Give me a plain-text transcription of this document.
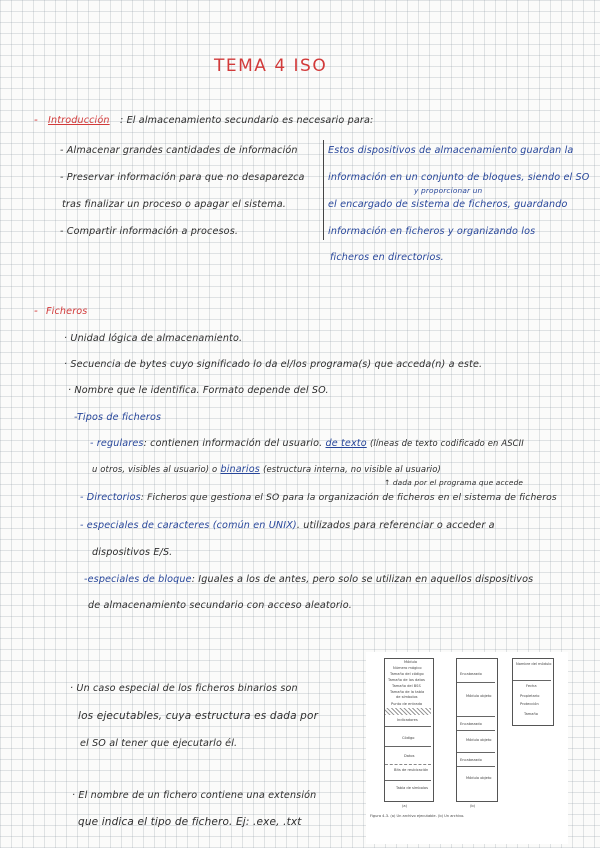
TEMA 4 ISO
- Introducción : El almacenamiento secundario es necesario para:
- Almacenar grandes cantidades de información
- Preservar información para que no desaparezca
tras finalizar un proceso o apagar el sistema.
- Compartir información a procesos.
Estos dispositivos de almacenamiento guardan la
información en un conjunto de bloques, siendo el SO
y proporcionar un
el encargado de sistema de ficheros, guardando
información en ficheros y organizando los
ficheros en directorios.
- Ficheros
· Unidad lógica de almacenamiento.
· Secuencia de bytes cuyo significado lo da el/los programa(s) que acceda(n) a este.
· Nombre que le identifica. Formato depende del SO.
-Tipos de ficheros
- regulares: contienen información del usuario. de texto (líneas de texto codificado en ASCII
u otros, visibles al usuario) o binarios (estructura interna, no visible al usuario)
↑ dada por el programa que accede
- Directorios: Ficheros que gestiona el SO para la organización de ficheros en el sistema de ficheros
- especiales de caracteres (común en UNIX). utilizados para referenciar o acceder a
dispositivos E/S.
-especiales de bloque: Iguales a los de antes, pero solo se utilizan en aquellos dispositivos
de almacenamiento secundario con acceso aleatorio.
· Un caso especial de los ficheros binarios son
los ejecutables, cuya estructura es dada por
el SO al tener que ejecutarlo él.
· El nombre de un fichero contiene una extensión
que indica el tipo de fichero. Ej: .exe, .txt
Módulo
Número mágico
Tamaño del código
Tamaño de los datos
Tamaño del BSS
Tamaño de la tabla
de símbolos
Punto de entrada
Indicadores
Código
Datos
Bits de reubicación
Tabla de símbolos
(a)
Encabezado
Módulo objeto
Encabezado
Módulo objeto
Encabezado
Módulo objeto
(b)
Nombre del módulo
Fecha
Propietario
Protección
Tamaño
Figura 4-3. (a) Un archivo ejecutable. (b) Un archivo.
